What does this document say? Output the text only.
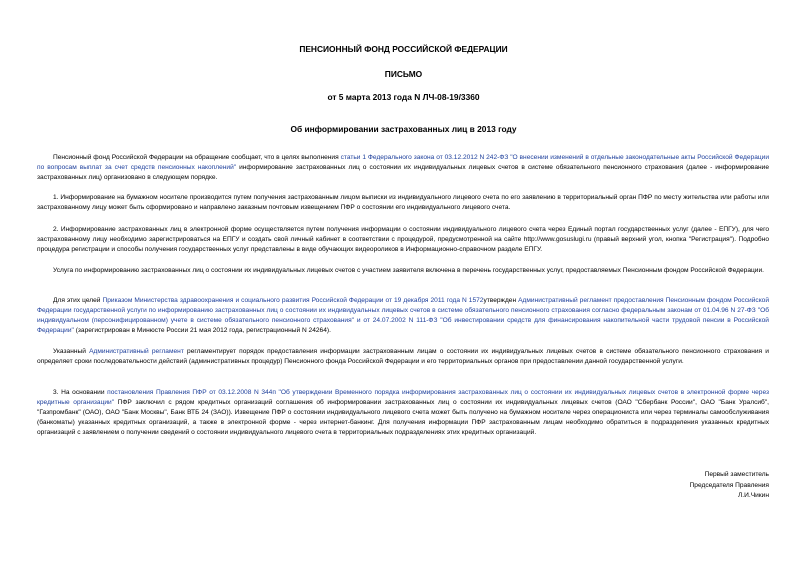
ПЕНСИОННЫЙ ФОНД РОССИЙСКОЙ ФЕДЕРАЦИИ

ПИСЬМО

от 5 марта 2013 года N ЛЧ-08-19/3360

Об информировании застрахованных лиц в 2013 году

Пенсионный фонд Российской Федерации на обращение сообщает, что в целях выполнения статьи 1 Федерального закона от 03.12.2012 N 242-ФЗ "О внесении изменений в отдельные законодательные акты Российской Федерации по вопросам выплат за счет средств пенсионных накоплений" информирование застрахованных лиц о состоянии их индивидуальных лицевых счетов в системе обязательного пенсионного страхования (далее - информирование застрахованных лиц) организовано в следующем порядке.

1. Информирование на бумажном носителе производится путем получения застрахованным лицом выписки из индивидуального лицевого счета по его заявлению в территориальный орган ПФР по месту жительства или работы или застрахованному лицу может быть сформировано и направлено заказным почтовым извещением ПФР о состоянии его индивидуального лицевого счета.

2. Информирование застрахованных лиц в электронной форме осуществляется путем получения информации о состоянии индивидуального лицевого счета через Единый портал государственных услуг (далее - ЕПГУ), для чего застрахованному лицу необходимо зарегистрироваться на ЕПГУ и создать свой личный кабинет в соответствии с процедурой, предусмотренной на сайте http://www.gosuslugi.ru (правый верхний угол, кнопка "Регистрация"). Подробно процедура регистрации и способы получения государственных услуг представлены в виде обучающих видеороликов в Информационно-справочном разделе ЕПГУ.

Услуга по информированию застрахованных лиц о состоянии их индивидуальных лицевых счетов с участием заявителя включена в перечень государственных услуг, предоставляемых Пенсионным фондом Российской Федерации.

Для этих целей Приказом Министерства здравоохранения и социального развития Российской Федерации от 19 декабря 2011 года N 1572утвержден Административный регламент предоставления Пенсионным фондом Российской Федерации государственной услуги по информированию застрахованных лиц о состоянии их индивидуальных лицевых счетов в системе обязательного пенсионного страхования согласно федеральным законам от 01.04.96 N 27-ФЗ "Об индивидуальном (персонифицированном) учете в системе обязательного пенсионного страхования" и от 24.07.2002 N 111-ФЗ "Об инвестировании средств для финансирования накопительной части трудовой пенсии в Российской Федерации" (зарегистрирован в Минюсте России 21 мая 2012 года, регистрационный N 24264).

Указанный Административный регламент регламентирует порядок предоставления информации застрахованным лицам о состоянии их индивидуальных лицевых счетов в системе обязательного пенсионного страхования и определяет сроки последовательности действий (административных процедур) Пенсионного фонда Российской Федерации и его территориальных органов при предоставлении данной государственной услуги.

3. На основании постановления Правления ПФР от 03.12.2008 N 344п "Об утверждении Временного порядка информирования застрахованных лиц о состоянии их индивидуальных лицевых счетов в электронной форме через кредитные организации" ПФР заключил с рядом кредитных организаций соглашения об информировании застрахованных лиц о состоянии их индивидуальных лицевых счетов (ОАО "Сбербанк России", ОАО "Банк Уралсиб", "Газпромбанк" (ОАО), ОАО "Банк Москвы", Банк ВТБ 24 (ЗАО)). Извещение ПФР о состоянии индивидуального лицевого счета может быть получено на бумажном носителе через операциониста или через терминалы самообслуживания (банкоматы) указанных кредитных организаций, а также в электронной форме - через интернет-банкинг. Для получения информации ПФР застрахованным лицам необходимо обратиться в подразделения указанных кредитных организаций с заявлением о получении сведений о состоянии индивидуального лицевого счета в территориальных подразделениях этих кредитных организаций.

Первый заместитель
Председателя Правления
Л.И.Чикин
